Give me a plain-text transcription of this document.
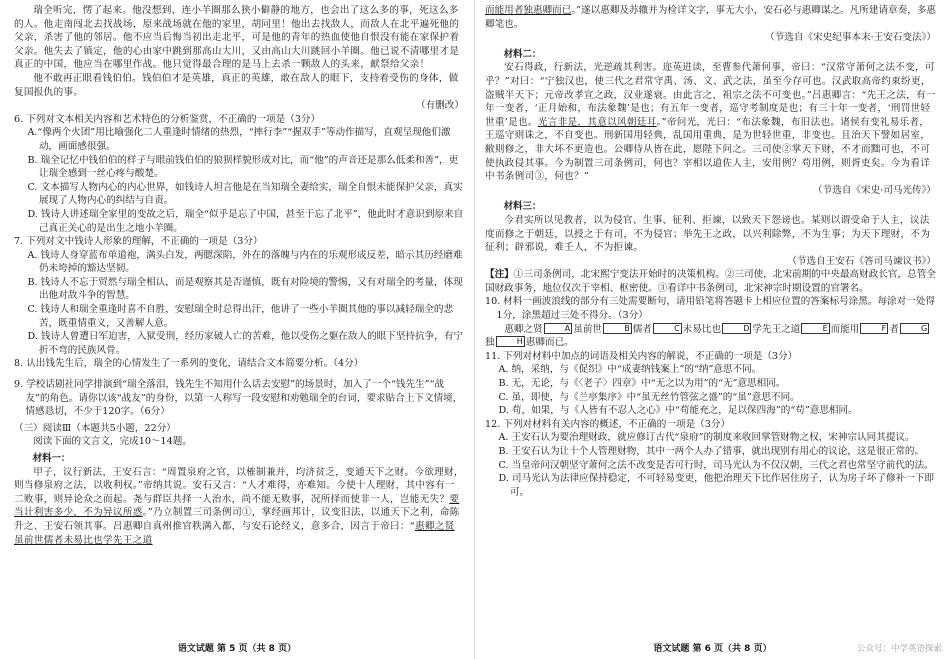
瑞全听完，愣了起来。他没想到，连小羊圈那么狭小僻静的地方，也会出了这么多的事，死这么多的人。他走南闯北去找战场，原来战场就在他的家里，胡同里！他出去找敌人，而敌人在北平遍死他的父亲，杀害了他的邻居。他不应当后悔当初出走北平，可是他的青年的热血使他自恨没有能在家保护着父亲。他失去了镇定，他的心由家中跳到那高山大川，又由高山大川跳回小羊圈。他已说不清哪里才是真正的中国，他应当在哪里作战。他只觉得最合理的是马上去杀一颗敌人的头来，献祭给父亲！

他不敢再正眼看钱伯伯。钱伯伯才是英雄，真正的英雄，敢在敌人的眼下，支持着受伤的身体，做复国报仇的事。

（有删改）

6. 下列对文本相关内容和艺术特色的分析鉴赏，不正确的一项是（3分）

A.“像两个火团”用比喻强化二人重逢时情绪的热烈，“摔行李”“握双手”等动作描写，直观呈现他们激动，画面感很强。

B. 瑞全记忆中钱伯伯的样子与眼前钱伯伯的狼狈样貌形成对比，而“他”的声音还是那么低柔和善”，更让瑞全感到一丝心疼与酸楚。

C. 文本描写人物内心的内心世界，如钱诗人坦言他是在当知瑞全妻给实，瑞全自恨未能保护父亲，真实展现了人物内心的纠结与自责。

D. 钱诗人讲述瑞全家里的变故之后，瑞全“似乎是忘了中国，甚至于忘了北平”，他此时才意识到原来自己真正关心的是出生之地小羊圈。

7. 下列对文中钱诗人形象的理解，不正确的一项是（3分）

A. 钱诗人身穿蓝布单道袍，满头白发，两腮深陷，外在的落魄与内在的乐观形成反差，暗示其历经磨难仍未垮掉的豁达坚韧。

B. 钱诗人不忘于贸然与瑞全相认，而是观察其是否谨慎，既有对险境的警惕，又有对瑞全的考量，体现出他对敌斗争的智慧。

C. 钱诗人和瑞全重逢时喜不自胜，安慰瑞全时总得出汗，他讲了一些小羊圈其他的事以减轻瑞全的悲苦，既重情重义，又善解人意。

D. 钱诗人曾遭日军迫害，入狱受刑，经历家破人亡的苦难，他以受伤之躯在敌人的眼下坚持抗争，有宁折不弯的民族风骨。

8. 认出钱先生后，瑞全的心情发生了一系列的变化，请结合文本简要分析。（4分）

9. 学校话剧社同学排演到“瑞全落泪，钱先生不知用什么话去安慰”的场景时，加入了一个“钱先生”“战友”的角色。请你以该“战友”的身份，以第一人称写一段安慰和劝勉瑞全的台词，要求贴合上下文情境，情感恳切，不少于120字。（6分）

（三）阅读Ⅲ（本题共5小题，22分）

阅读下面的文言文，完成10～14题。

材料一：

甲子，议行新法，王安石言：“周置泉府之官，以榷制兼并，均济贫乏，变通天下之财。今欲理财，则当修泉府之法，以收利权。”帝纳其说。安石又言：“人才难得，亦难知。今使十人理财，其中容有一二败事，则异论众之而起。尧与群臣共择一人治水，尚不能无败事，况所择而使非一人，岂能无失？要当计利害多少，不为异议所惑。”乃立制置三司条例司①，掌经画邦计，议变旧法，以通天下之利，命陈升之、王安石领其事。吕惠卿自真州推官秩满入都，与安石论经义，意多合，因言于帝曰：“惠卿之贤虽前世儒者未易比也学先王之道

语文试题 第 5 页（共 8 页）

而能用者独惠卿而已。”遂以惠卿及苏辙并为检详文字，事无大小，安石必与惠卿谋之。凡所建请章奏，多惠卿笔也。

（节选自《宋史纪事本末·王安石变法》）

材料二：

安石得政，行新法，光逆疏其利害。迩英进读，至曹参代萧何事，帝曰：“汉常守萧何之法不变，可乎？”对曰：“宁独汉也，使三代之君常守禹、汤、文、武之法，虽至今存可也。汉武取高帝约束纷更，盗贼半天下；元帝改孝宣之政，汉业遂衰。由此言之，祖宗之法不可变也。”吕惠卿言：“先王之法，有一年一变者，‘正月始和，布法象魏’是也；有五年一变者，巡守考制度是也；有三十年一变者，‘刑罚世轻世重’是也。光言非是，其意以风朝廷耳。”帝问光，光曰：“布法象魏，布旧法也。诸侯有变礼易乐者，王巡守则诛之，不自变也。刑新国用轻典，乱国用重典，是为世轻世重，非变也。且治天下譬如居室，敝则修之，非大坏不更造也。公卿侍从皆在此，愿陛下问之。三司使②掌天下财，不才而黜可也，不可使执政侵其事。今为制置三司条例司，何也？宰相以道佐人主，安用例？苟用例，则胥吏矣。今为看详中书条例司③，何也？”

（节选自《宋史·司马光传》）

材料三：

今君实所以见教者，以为侵官、生事、征利、拒谏，以致天下怨谤也。某则以谓受命于人主，议法度而修之于朝廷，以授之于有司，不为侵官；举先王之政，以兴利除弊，不为生事；为天下理财，不为征利；辟邪说，难壬人，不为拒谏。

（节选自王安石《答司马谏议书》）

【注】①三司条例司，北宋熙宁变法开始时的决策机构。②三司使，北宋前期的中央最高财政长官，总管全国财政事务，地位仅次于宰相、枢密使。③看详中书条例司，北宋神宗时期设置的官署名。

10. 材料一画波浪线的部分有三处需要断句，请用铅笔将答题卡上相应位置的答案标号涂黑。每涂对一处得1分，涂黑超过三处不得分。（3分）

惠卿之贤	A 虽前世	B 儒者	C 未易比也	D 学先王之道	E 而能用	F 者	G独	H 惠卿而已。

11. 下列对材料中加点的词语及相关内容的解说，不正确的一项是（3分）

A. 纳，采纳，与《促织》中“成妻纳钱案上”的“纳”意思不同。

B. 无，无论，与《〈老子〉四章》中“无之以为用”的“无”意思相同。

C. 虽，即使，与《兰亭集序》中“虽无丝竹管弦之盛”的“虽”意思不同。

D. 苟，如果，与《人皆有不忍人之心》中“苟能充之，足以保四海”的“苟”意思相同。

12. 下列对材料有关内容的概述，不正确的一项是（3分）

A. 王安石认为要治理财政，就应修订古代“泉府”的制度来收回掌管财物之权，宋神宗认同其提议。

B. 王安石认为让十个人管理财物，其中一两个人办了错事，就出现别有用心的议论，这是很正常的。

C. 当皇帝问汉朝坚守萧何之法不改变是否可行时，司马光认为不仅汉朝，三代之君也常坚守前代的法。

D. 司马光认为法律应保持稳定，不可轻易变更，他把治理天下比作居住房子，认为房子坏了修补一下即可。

语文试题 第 6 页（共 8 页）	公众号：中学英语探索
